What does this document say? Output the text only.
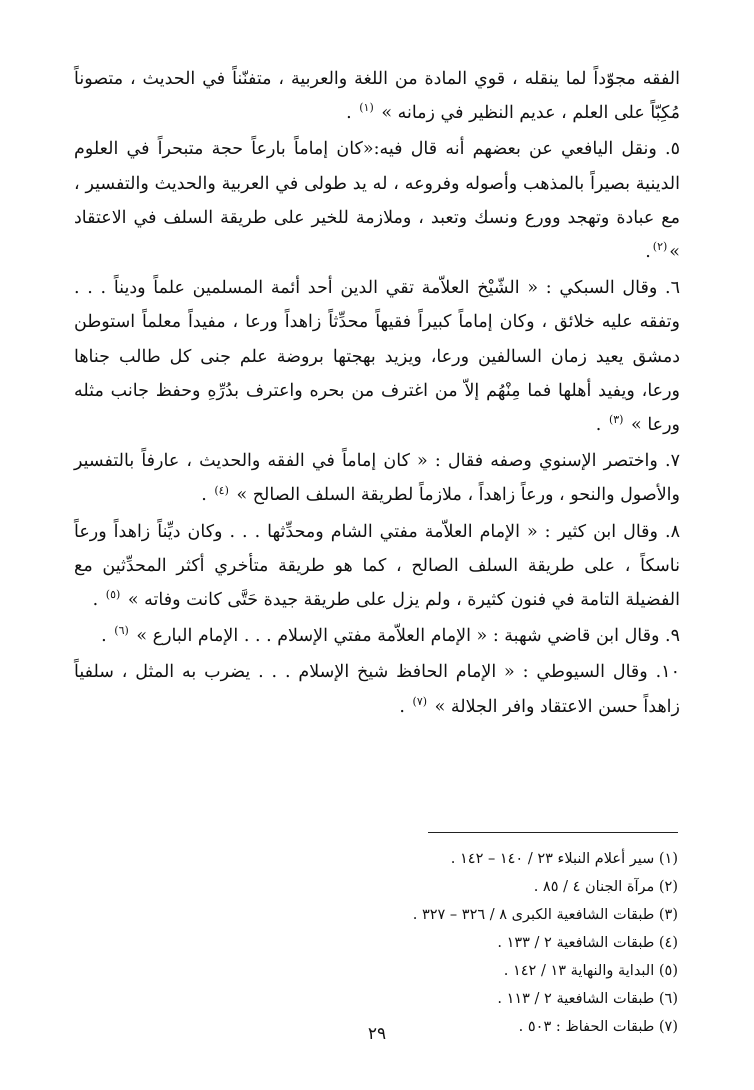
الفقه مجوّداً لما ينقله ، قوي المادة من اللغة والعربية ، متفنّناً في الحديث ، متصوناً مُكِبّاً على العلم ، عديم النظير في زمانه » $^{(١)}$ .

٥. ونقل اليافعي عن بعضهم أنه قال فيه:«كان إماماً بارعاً حجة متبحراً في العلوم الدينية بصيراً بالمذهب وأصوله وفروعه ، له يد طولى في العربية والحديث والتفسير ، مع عبادة وتهجد وورع ونسك وتعبد ، وملازمة للخير على طريقة السلف في الاعتقاد »$^{(٢)}$.

٦. وقال السبكي : « الشّيْخ العلاّمة تقي الدين أحد أئمة المسلمين علماً وديناً . . . وتفقه عليه خلائق ، وكان إماماً كبيراً فقيهاً محدِّثاً زاهداً ورعا ، مفيداً معلماً استوطن دمشق يعيد زمان السالفين ورعا، ويزيد بهجتها بروضة علم جنى كل طالب جناها ورعا، ويفيد أهلها فما مِنْهُم إلاّ من اغترف من بحره واعترف بدُرِّهِ وحفظ جانب مثله ورعا » $^{(٣)}$ .

٧. واختصر الإسنوي وصفه فقال : « كان إماماً في الفقه والحديث ، عارفاً بالتفسير والأصول والنحو ، ورعاً زاهداً ، ملازماً لطريقة السلف الصالح » $^{(٤)}$ .

٨. وقال ابن كثير : « الإمام العلاّمة مفتي الشام ومحدِّثها . . . وكان ديِّناً زاهداً ورعاً ناسكاً ، على طريقة السلف الصالح ، كما هو طريقة متأخري أكثر المحدِّثين مع الفضيلة التامة في فنون كثيرة ، ولم يزل على طريقة جيدة حَتَّى كانت وفاته » $^{(٥)}$ .

٩. وقال ابن قاضي شهبة : « الإمام العلاّمة مفتي الإسلام . . . الإمام البارع » $^{(٦)}$ .

١٠. وقال السيوطي : « الإمام الحافظ شيخ الإسلام . . . يضرب به المثل ، سلفياً زاهداً حسن الاعتقاد وافر الجلالة » $^{(٧)}$ .

(١) سير أعلام النبلاء ٢٣ / ١٤٠ – ١٤٢ .
(٢) مرآة الجنان ٤ / ٨٥ .
(٣) طبقات الشافعية الكبرى ٨ / ٣٢٦ – ٣٢٧ .
(٤) طبقات الشافعية ٢ / ١٣٣ .
(٥) البداية والنهاية ١٣ / ١٤٢ .
(٦) طبقات الشافعية ٢ / ١١٣ .
(٧) طبقات الحفاظ : ٥٠٣ .
٢٩
